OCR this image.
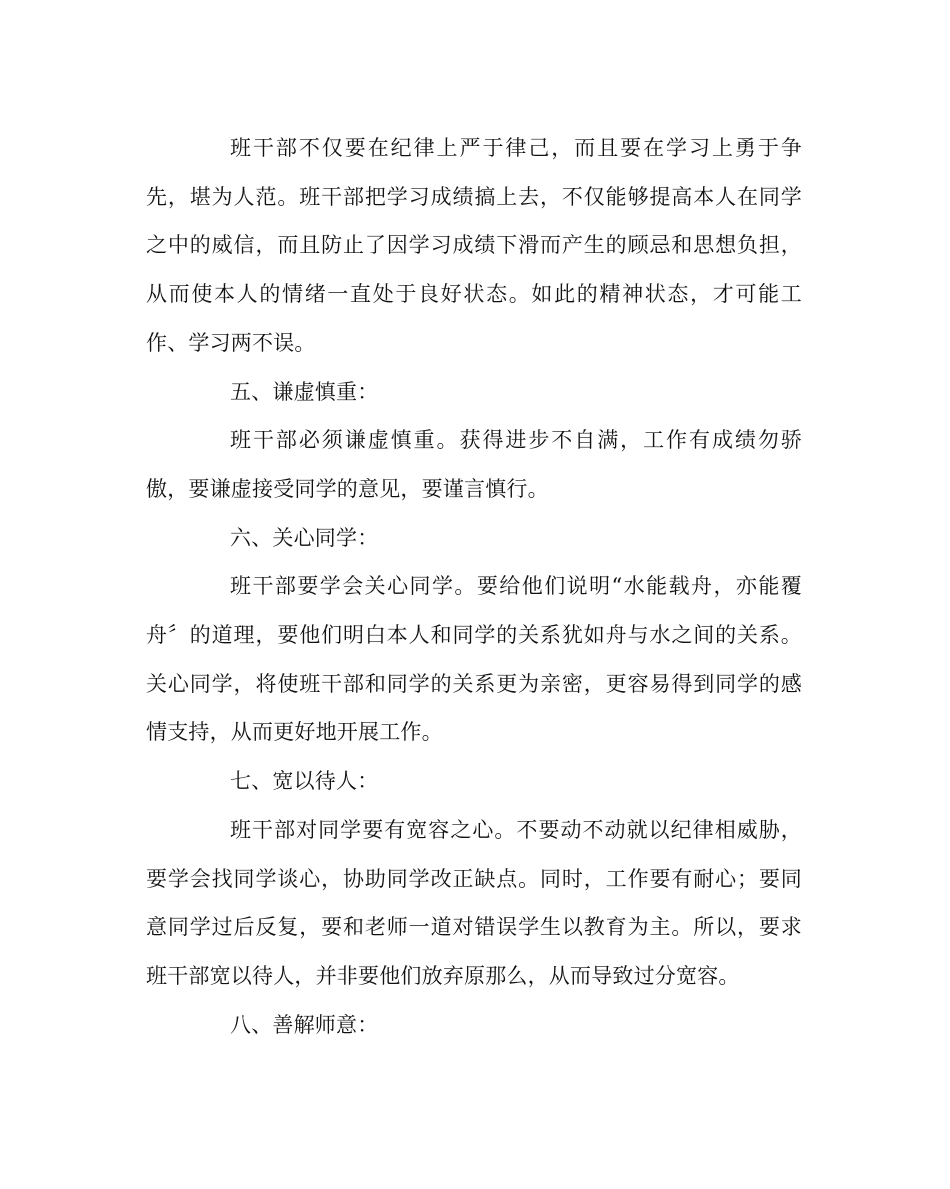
班干部不仅要在纪律上严于律己，而且要在学习上勇于争先，堪为人范。班干部把学习成绩搞上去，不仅能够提高本人在同学之中的威信，而且防止了因学习成绩下滑而产生的顾忌和思想负担，从而使本人的情绪一直处于良好状态。如此的精神状态，才可能工作、学习两不误。

五、谦虚慎重：

班干部必须谦虚慎重。获得进步不自满，工作有成绩勿骄傲，要谦虚接受同学的意见，要谨言慎行。

六、关心同学：

班干部要学会关心同学。要给他们说明“水能载舟，亦能覆舟〞的道理，要他们明白本人和同学的关系犹如舟与水之间的关系。关心同学，将使班干部和同学的关系更为亲密，更容易得到同学的感情支持，从而更好地开展工作。

七、宽以待人：

班干部对同学要有宽容之心。不要动不动就以纪律相威胁，要学会找同学谈心，协助同学改正缺点。同时，工作要有耐心；要同意同学过后反复，要和老师一道对错误学生以教育为主。所以，要求班干部宽以待人，并非要他们放弃原那么，从而导致过分宽容。

八、善解师意：
